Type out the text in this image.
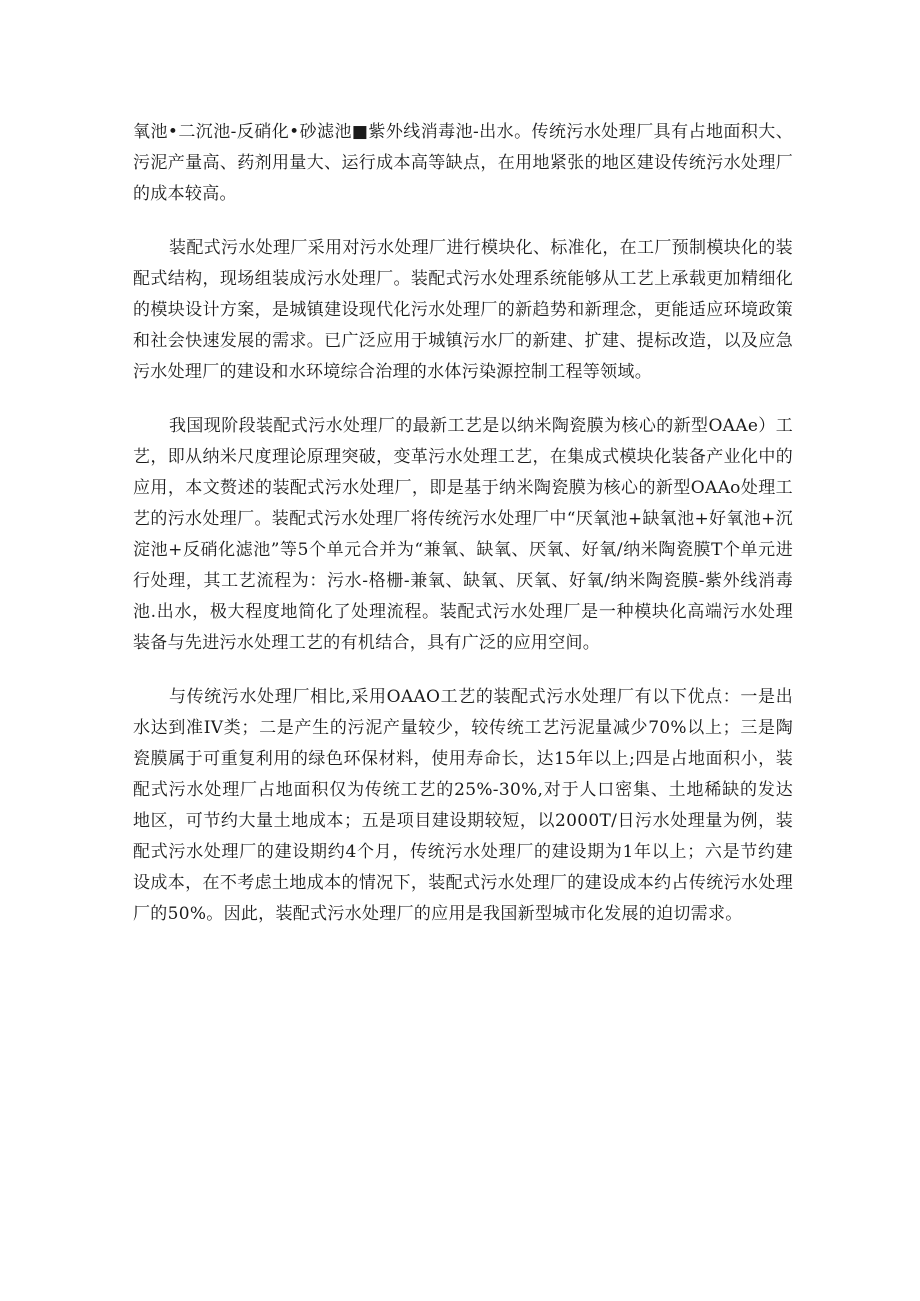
氧池•二沉池-反硝化•砂滤池■紫外线消毒池-出水。传统污水处理厂具有占地面积大、污泥产量高、药剂用量大、运行成本高等缺点，在用地紧张的地区建设传统污水处理厂的成本较高。

装配式污水处理厂采用对污水处理厂进行模块化、标准化，在工厂预制模块化的装配式结构，现场组装成污水处理厂。装配式污水处理系统能够从工艺上承载更加精细化的模块设计方案，是城镇建设现代化污水处理厂的新趋势和新理念，更能适应环境政策和社会快速发展的需求。已广泛应用于城镇污水厂的新建、扩建、提标改造，以及应急污水处理厂的建设和水环境综合治理的水体污染源控制工程等领域。

我国现阶段装配式污水处理厂的最新工艺是以纳米陶瓷膜为核心的新型OAAe）工艺，即从纳米尺度理论原理突破，变革污水处理工艺，在集成式模块化装备产业化中的应用，本文赘述的装配式污水处理厂，即是基于纳米陶瓷膜为核心的新型OAAo处理工艺的污水处理厂。装配式污水处理厂将传统污水处理厂中“厌氧池+缺氧池+好氧池+沉淀池+反硝化滤池”等5个单元合并为“兼氧、缺氧、厌氧、好氧/纳米陶瓷膜T个单元进行处理，其工艺流程为：污水-格栅-兼氧、缺氧、厌氧、好氧/纳米陶瓷膜-紫外线消毒池.出水，极大程度地简化了处理流程。装配式污水处理厂是一种模块化高端污水处理装备与先进污水处理工艺的有机结合，具有广泛的应用空间。

与传统污水处理厂相比,采用OAAO工艺的装配式污水处理厂有以下优点：一是出水达到准IV类；二是产生的污泥产量较少，较传统工艺污泥量减少70%以上；三是陶瓷膜属于可重复利用的绿色环保材料，使用寿命长，达15年以上;四是占地面积小，装配式污水处理厂占地面积仅为传统工艺的25%-30%,对于人口密集、土地稀缺的发达地区，可节约大量土地成本；五是项目建设期较短，以2000T/日污水处理量为例，装配式污水处理厂的建设期约4个月，传统污水处理厂的建设期为1年以上；六是节约建设成本，在不考虑土地成本的情况下，装配式污水处理厂的建设成本约占传统污水处理厂的50%。因此，装配式污水处理厂的应用是我国新型城市化发展的迫切需求。
